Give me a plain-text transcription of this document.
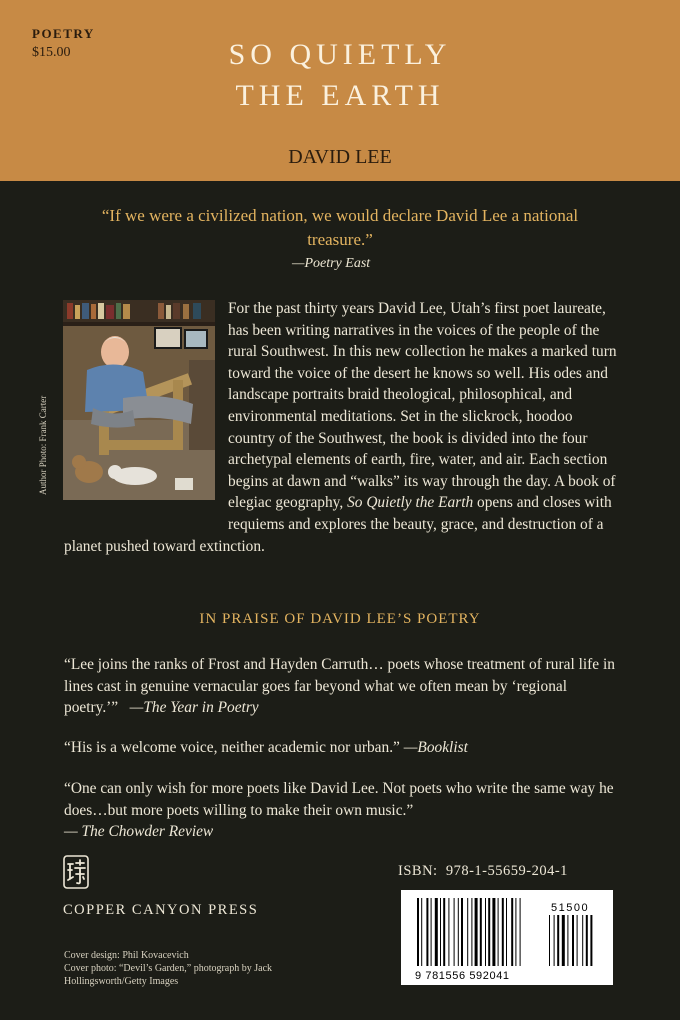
POETRY
$15.00	SO QUIETLY
THE EARTH
DAVID LEE
“If we were a civilized nation, we would declare David Lee a national treasure.”
—Poetry East
Author Photo: Frank Carter
For the past thirty years David Lee, Utah’s first poet laureate, has been writing narratives in the voices of the people of the rural Southwest. In this new collection he makes a marked turn toward the voice of the desert he knows so well. His odes and landscape portraits braid theological, philosophical, and environmental meditations. Set in the slickrock, hoodoo country of the Southwest, the book is divided into the four archetypal elements of earth, fire, water, and air. Each section begins at dawn and “walks” its way through the day. A book of elegiac geography, So Quietly the Earth opens and closes with requiems and explores the beauty, grace, and destruction of a planet pushed toward extinction.
IN PRAISE OF DAVID LEE’S POETRY
“Lee joins the ranks of Frost and Hayden Carruth… poets whose treatment of rural life in lines cast in genuine vernacular goes far beyond what we often mean by ‘regional poetry.’” —The Year in Poetry
“His is a welcome voice, neither academic nor urban.” —Booklist
“One can only wish for more poets like David Lee. Not poets who write the same way he does…but more poets willing to make their own music.”
— The Chowder Review
COPPER CANYON PRESS
ISBN: 978-1-55659-204-1
51500
9 781556 592041
Cover design: Phil Kovacevich
Cover photo: “Devil’s Garden,” photograph by Jack Hollingsworth/Getty Images
